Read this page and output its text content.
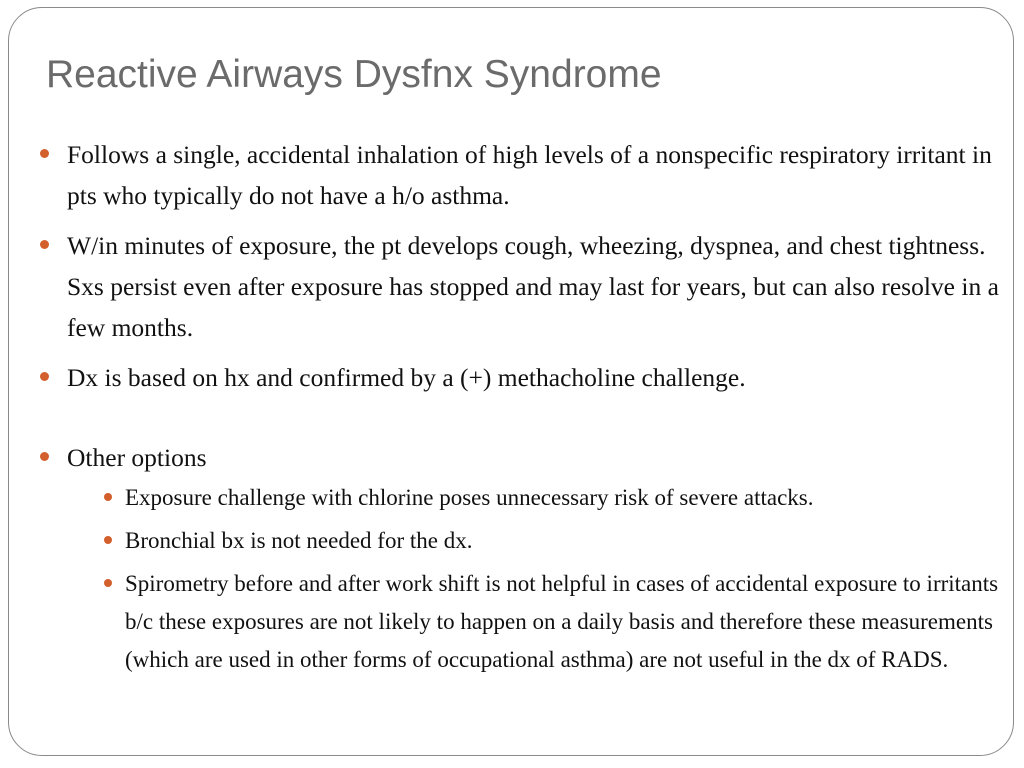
Reactive Airways Dysfnx Syndrome
Follows a single, accidental inhalation of high levels of a nonspecific respiratory irritant in pts who typically do not have a h/o asthma.
W/in minutes of exposure, the pt develops cough, wheezing, dyspnea, and chest tightness. Sxs persist even after exposure has stopped and may last for years, but can also resolve in a few months.
Dx is based on hx and confirmed by a (+) methacholine challenge.
Other options
Exposure challenge with chlorine poses unnecessary risk of severe attacks.
Bronchial bx is not needed for the dx.
Spirometry before and after work shift is not helpful in cases of accidental exposure to irritants b/c these exposures are not likely to happen on a daily basis and therefore these measurements (which are used in other forms of occupational asthma) are not useful in the dx of RADS.
